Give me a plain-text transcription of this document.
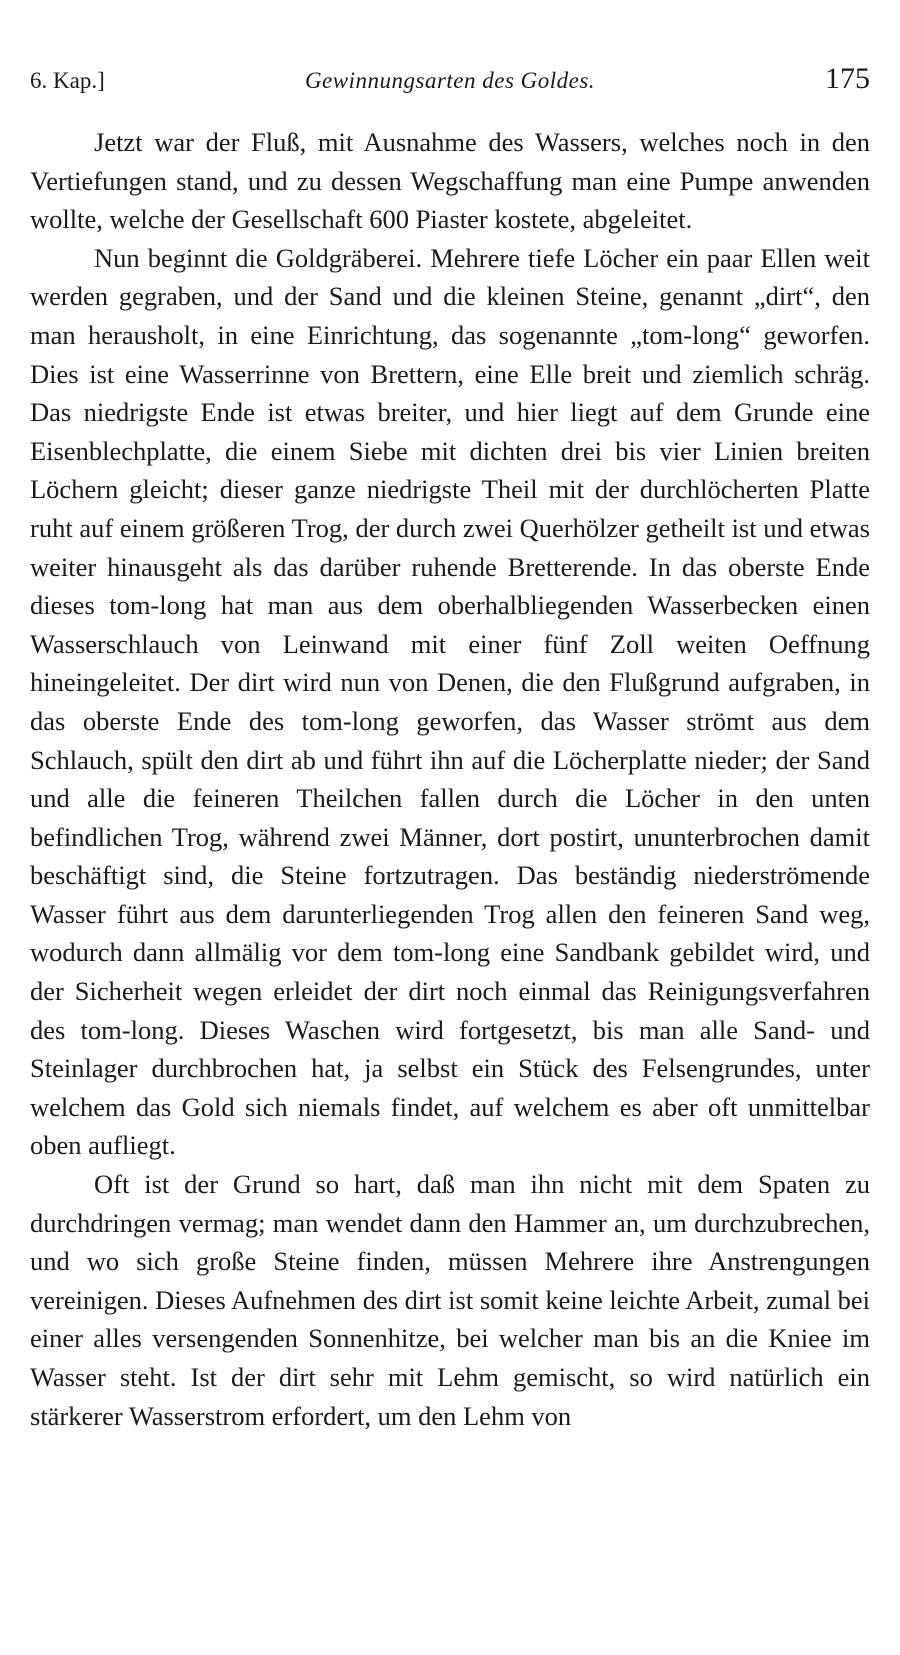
6. Kap.]	Gewinnungsarten des Goldes.	175

Jetzt war der Fluß, mit Ausnahme des Wassers, welches noch in den Vertiefungen stand, und zu dessen Wegschaffung man eine Pumpe anwenden wollte, welche der Gesellschaft 600 Piaster kostete, abgeleitet.

Nun beginnt die Goldgräberei. Mehrere tiefe Löcher ein paar Ellen weit werden gegraben, und der Sand und die kleinen Steine, genannt „dirt“, den man heraushоlt, in eine Einrichtung, das sogenannte „tom-long“ geworfen. Dies ist eine Wasserrinne von Brettern, eine Elle breit und ziemlich schräg. Das niedrigste Ende ist etwas breiter, und hier liegt auf dem Grunde eine Eisenblechplatte, die einem Siebe mit dichten drei bis vier Linien breiten Löchern gleicht; dieser ganze niedrigste Theil mit der durchlöcherten Platte ruht auf einem größeren Trog, der durch zwei Querhölzer getheilt ist und etwas weiter hinausgeht als das darüber ruhende Bretterende. In das oberste Ende dieses tom-long hat man aus dem oberhalbliegenden Wasserbecken einen Wasserschlauch von Leinwand mit einer fünf Zoll weiten Oeffnung hineingeleitet. Der dirt wird nun von Denen, die den Flußgrund aufgraben, in das oberste Ende des tom-long geworfen, das Wasser strömt aus dem Schlauch, spült den dirt ab und führt ihn auf die Löcherplatte nieder; der Sand und alle die feineren Theilchen fallen durch die Löcher in den unten befindlichen Trog, während zwei Männer, dort postirt, ununterbrochen damit beschäftigt sind, die Steine fortzutragen. Das beständig niederströmende Wasser führt aus dem darunterliegenden Trog allen den feineren Sand weg, wodurch dann allmälig vor dem tom-long eine Sandbank gebildet wird, und der Sicherheit wegen erleidet der dirt noch einmal das Reinigungsverfahren des tom-long. Dieses Waschen wird fortgesetzt, bis man alle Sand- und Steinlager durchbrochen hat, ja selbst ein Stück des Felsengrundes, unter welchem das Gold sich niemals findet, auf welchem es aber oft unmittelbar oben aufliegt.

Oft ist der Grund so hart, daß man ihn nicht mit dem Spaten zu durchdringen vermag; man wendet dann den Hammer an, um durchzubrechen, und wo sich große Steine finden, müssen Mehrere ihre Anstrengungen vereinigen. Dieses Aufnehmen des dirt ist somit keine leichte Arbeit, zumal bei einer alles versengenden Sonnenhitze, bei welcher man bis an die Kniee im Wasser steht. Ist der dirt sehr mit Lehm gemischt, so wird natürlich ein stärkerer Wasserstrom erfordert, um den Lehm von
